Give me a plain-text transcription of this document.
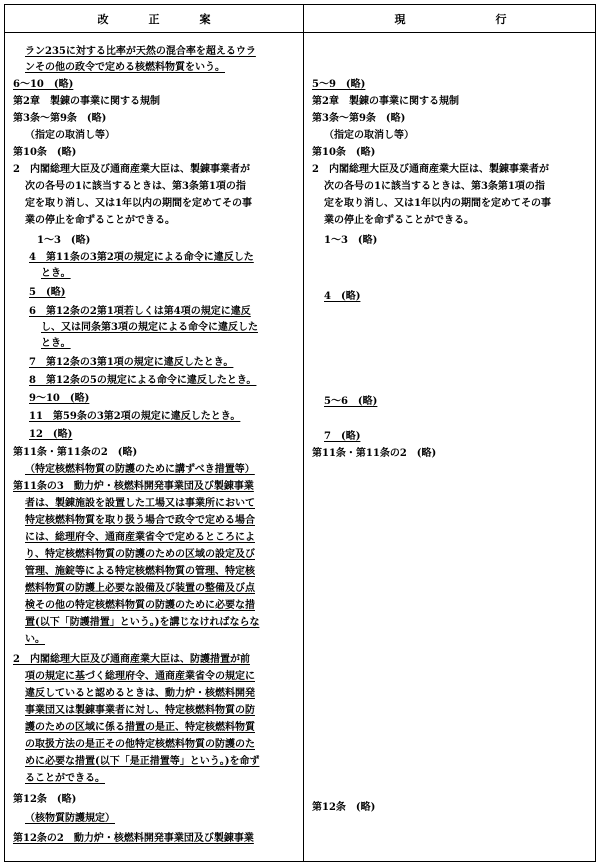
改正案	現行
ラン235に対する比率が天然の混合率を超えるウラ
ンその他の政令で定める核燃料物質をいう。
6～10　(略)
第2章　製錬の事業に関する規制
第3条～第9条　(略)
（指定の取消し等）
第10条　(略)
2　内閣総理大臣及び通商産業大臣は、製錬事業者が
次の各号の1に該当するときは、第3条第1項の指
定を取り消し、又は1年以内の期間を定めてその事
業の停止を命ずることができる。
1～3　(略)
4　第11条の3第2項の規定による命令に違反した
とき。
5　(略)
6　第12条の2第1項若しくは第4項の規定に違反
し、又は同条第3項の規定による命令に違反した
とき。
7　第12条の3第1項の規定に違反したとき。
8　第12条の5の規定による命令に違反したとき。
9～10　(略)
11　第59条の3第2項の規定に違反したとき。
12　(略)
第11条・第11条の2　(略)
（特定核燃料物質の防護のために講ずべき措置等）
第11条の3　動力炉・核燃料開発事業団及び製錬事業
者は、製錬施設を設置した工場又は事業所において
特定核燃料物質を取り扱う場合で政令で定める場合
には、総理府令、通商産業省令で定めるところによ
り、特定核燃料物質の防護のための区域の設定及び
管理、施錠等による特定核燃料物質の管理、特定核
燃料物質の防護上必要な設備及び装置の整備及び点
検その他の特定核燃料物質の防護のために必要な措
置(以下「防護措置」という。)を講じなければならな
い。
2　内閣総理大臣及び通商産業大臣は、防護措置が前
項の規定に基づく総理府令、通商産業省令の規定に
違反していると認めるときは、動力炉・核燃料開発
事業団又は製錬事業者に対し、特定核燃料物質の防
護のための区域に係る措置の是正、特定核燃料物質
の取扱方法の是正その他特定核燃料物質の防護のた
めに必要な措置(以下「是正措置等」という。)を命ず
ることができる。
第12条　(略)
（核物質防護規定）
第12条の2　動力炉・核燃料開発事業団及び製錬事業
5～9　(略)
第2章　製錬の事業に関する規制
第3条～第9条　(略)
（指定の取消し等）
第10条　(略)
2　内閣総理大臣及び通商産業大臣は、製錬事業者が
次の各号の1に該当するときは、第3条第1項の指
定を取り消し、又は1年以内の期間を定めてその事
業の停止を命ずることができる。
1～3　(略)
4　(略)
5～6　(略)
7　(略)
第11条・第11条の2　(略)
第12条　(略)
